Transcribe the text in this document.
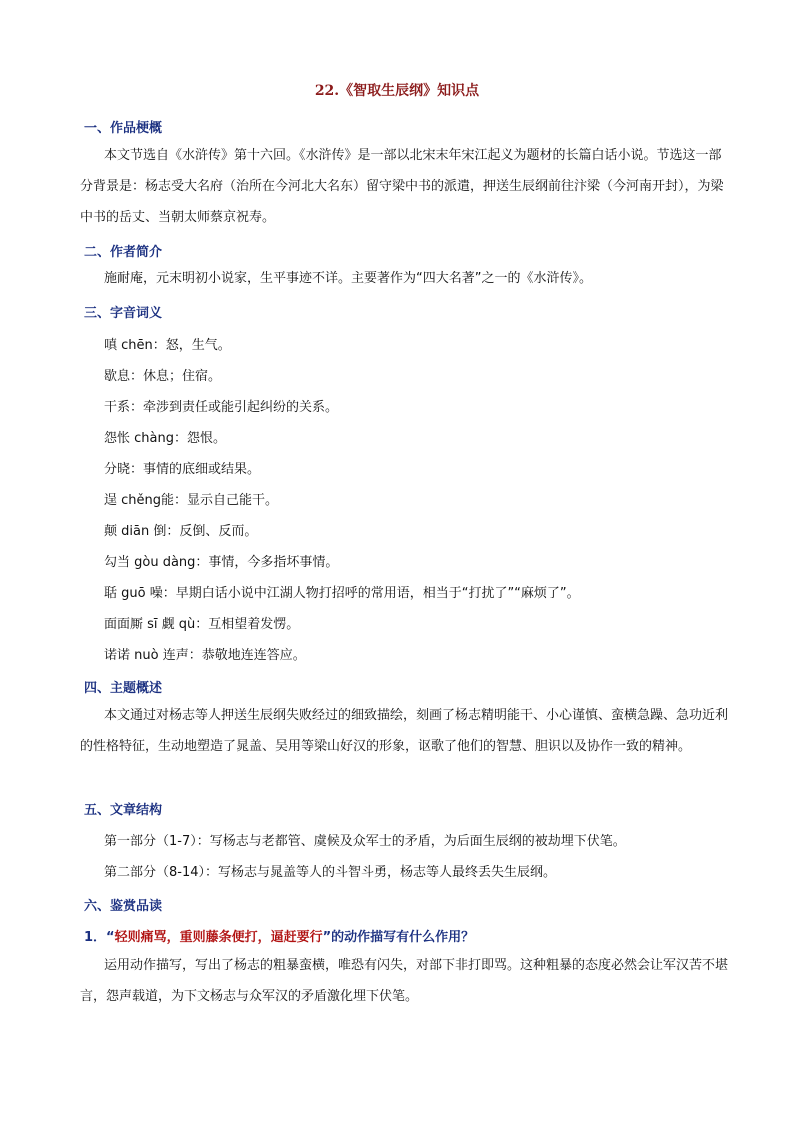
22.《智取生辰纲》知识点
一、作品梗概

本文节选自《水浒传》第十六回。《水浒传》是一部以北宋末年宋江起义为题材的长篇白话小说。节选这一部分背景是：杨志受大名府（治所在今河北大名东）留守梁中书的派遣，押送生辰纲前往汴梁（今河南开封），为梁中书的岳丈、当朝太师蔡京祝寿。

二、作者简介

施耐庵，元末明初小说家，生平事迹不详。主要著作为“四大名著”之一的《水浒传》。

三、字音词义
嗔 chēn：怒，生气。
歇息：休息；住宿。
干系：牵涉到责任或能引起纠纷的关系。
怨怅 chàng：怨恨。
分晓：事情的底细或结果。
逞 chěng能：显示自己能干。
颠 diān 倒：反倒、反而。
勾当 gòu dàng：事情，今多指坏事情。
聒 guō 噪：早期白话小说中江湖人物打招呼的常用语，相当于“打扰了”“麻烦了”。
面面厮 sī 觑 qù：互相望着发愣。
诺诺 nuò 连声：恭敬地连连答应。
四、主题概述

本文通过对杨志等人押送生辰纲失败经过的细致描绘，刻画了杨志精明能干、小心谨慎、蛮横急躁、急功近利的性格特征，生动地塑造了晁盖、吴用等梁山好汉的形象，讴歌了他们的智慧、胆识以及协作一致的精神。

五、文章结构
第一部分（1-7）：写杨志与老都管、虞候及众军士的矛盾，为后面生辰纲的被劫埋下伏笔。
第二部分（8-14）：写杨志与晁盖等人的斗智斗勇，杨志等人最终丢失生辰纲。
六、鉴赏品读
1．“轻则痛骂，重则藤条便打，逼赶要行”的动作描写有什么作用？

运用动作描写，写出了杨志的粗暴蛮横，唯恐有闪失，对部下非打即骂。这种粗暴的态度必然会让军汉苦不堪言，怨声载道，为下文杨志与众军汉的矛盾激化埋下伏笔。
